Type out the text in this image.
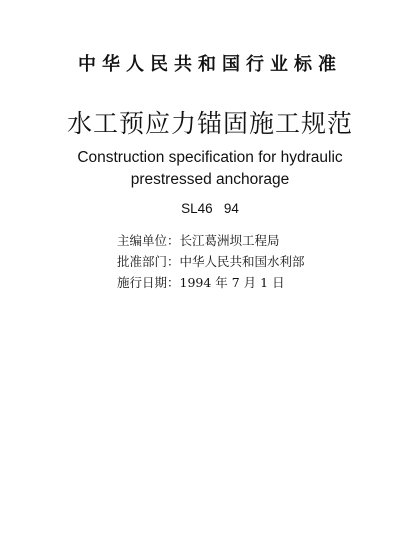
中华人民共和国行业标准
水工预应力锚固施工规范
Construction specification for hydraulic
prestressed anchorage
SL46   94
主编单位：长江葛洲坝工程局
批准部门：中华人民共和国水利部
施行日期：1994 年 7 月 1 日
